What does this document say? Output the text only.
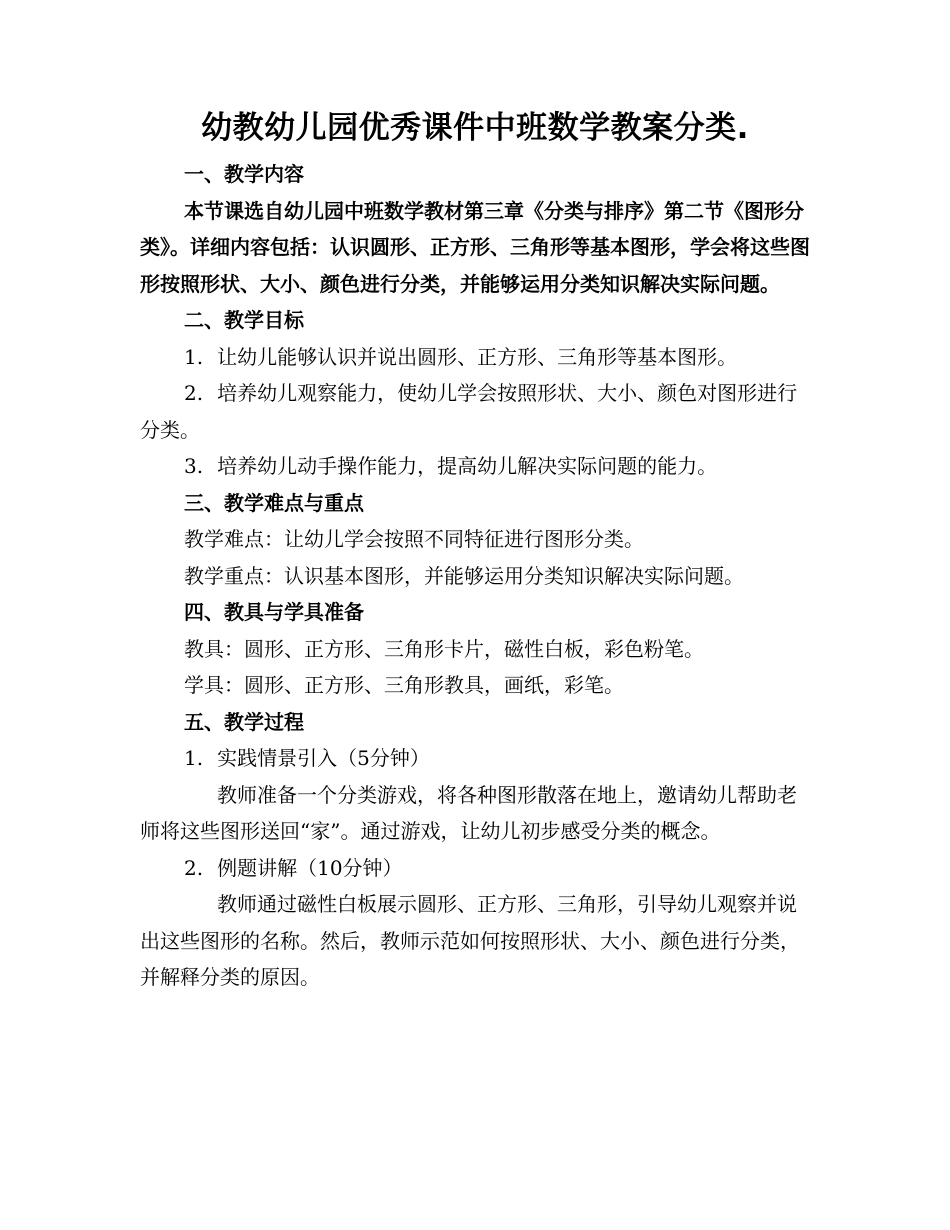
幼教幼儿园优秀课件中班数学教案分类.

一、教学内容

本节课选自幼儿园中班数学教材第三章《分类与排序》第二节《图形分类》。详细内容包括：认识圆形、正方形、三角形等基本图形，学会将这些图形按照形状、大小、颜色进行分类，并能够运用分类知识解决实际问题。

二、教学目标

1. 让幼儿能够认识并说出圆形、正方形、三角形等基本图形。

2. 培养幼儿观察能力，使幼儿学会按照形状、大小、颜色对图形进行分类。

3. 培养幼儿动手操作能力，提高幼儿解决实际问题的能力。

三、教学难点与重点

教学难点：让幼儿学会按照不同特征进行图形分类。

教学重点：认识基本图形，并能够运用分类知识解决实际问题。

四、教具与学具准备

教具：圆形、正方形、三角形卡片，磁性白板，彩色粉笔。

学具：圆形、正方形、三角形教具，画纸，彩笔。

五、教学过程

1. 实践情景引入（5分钟）

教师准备一个分类游戏，将各种图形散落在地上，邀请幼儿帮助老师将这些图形送回“家”。通过游戏，让幼儿初步感受分类的概念。

2. 例题讲解（10分钟）

教师通过磁性白板展示圆形、正方形、三角形，引导幼儿观察并说出这些图形的名称。然后，教师示范如何按照形状、大小、颜色进行分类，并解释分类的原因。
